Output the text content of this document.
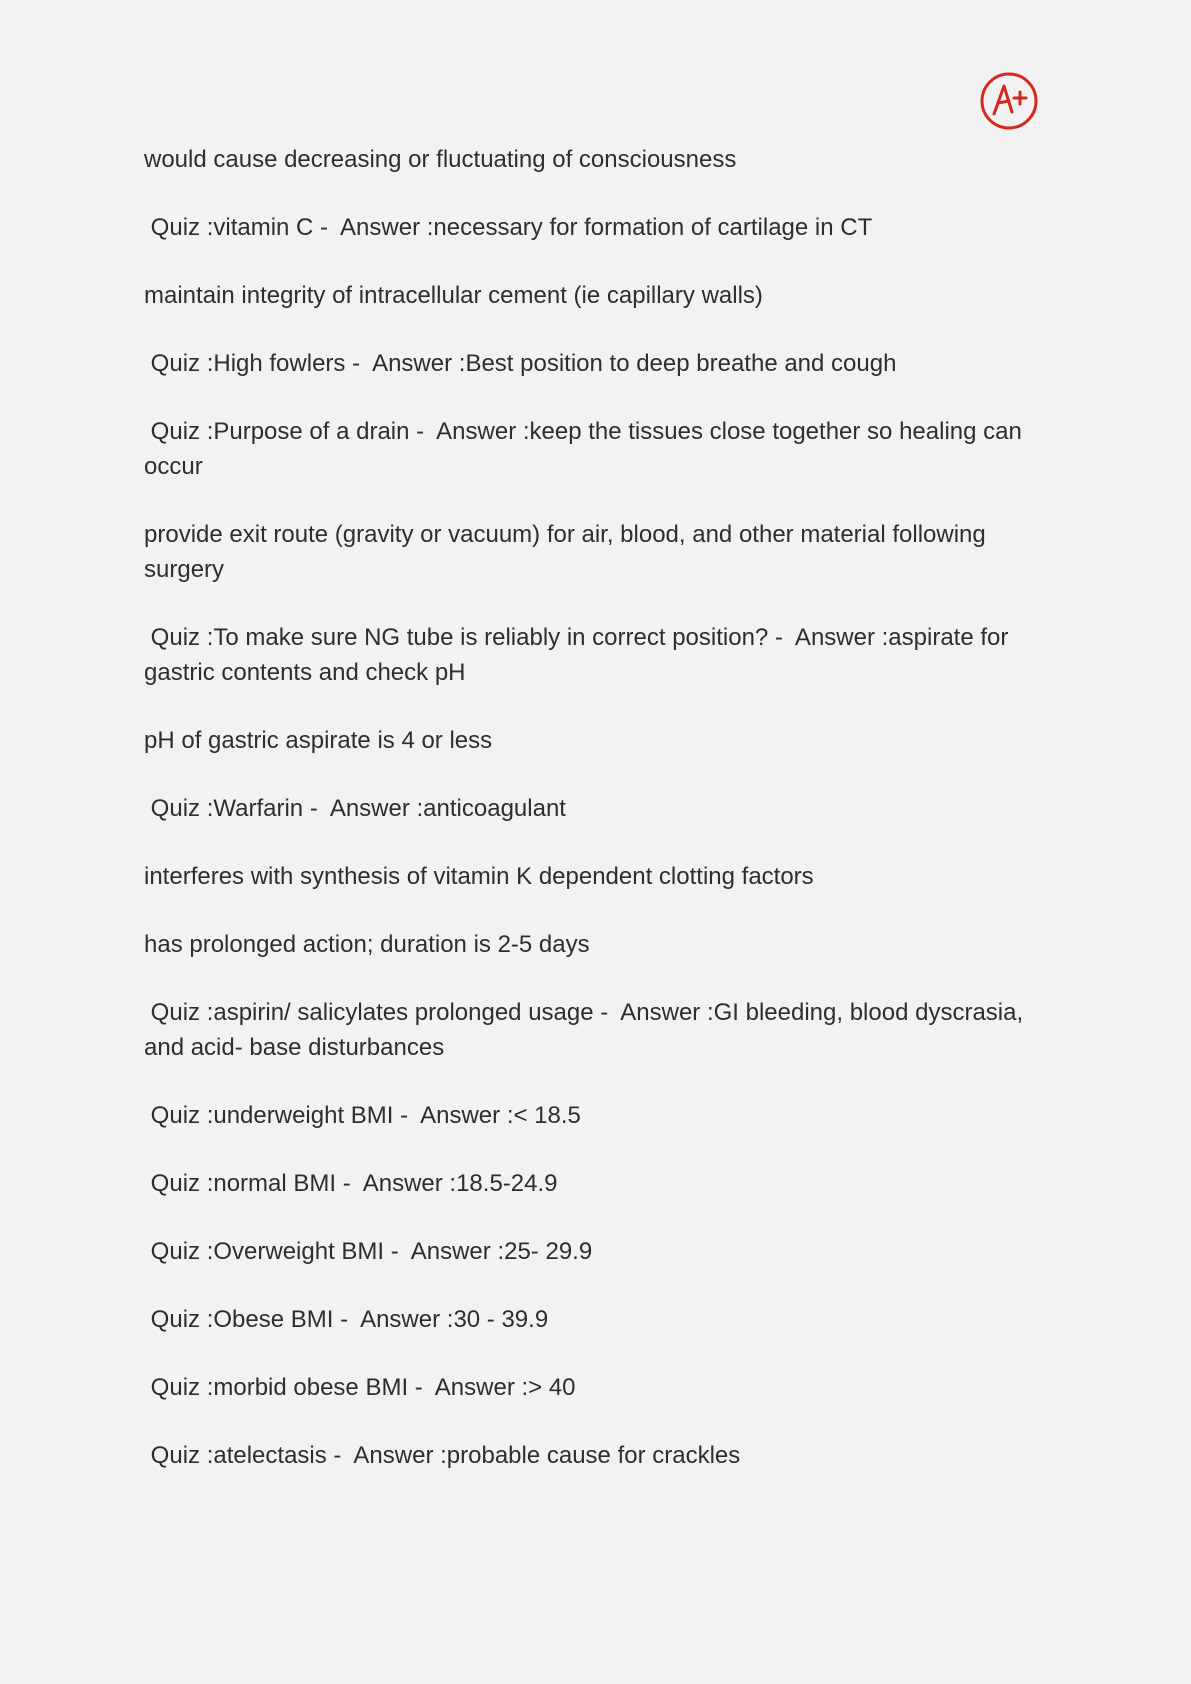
would cause decreasing or fluctuating of consciousness

Quiz :vitamin C -  Answer :necessary for formation of cartilage in CT

maintain integrity of intracellular cement (ie capillary walls)

Quiz :High fowlers -  Answer :Best position to deep breathe and cough

Quiz :Purpose of a drain -  Answer :keep the tissues close together so healing can occur

provide exit route (gravity or vacuum) for air, blood, and other material following surgery

Quiz :To make sure NG tube is reliably in correct position? -  Answer :aspirate for gastric contents and check pH

pH of gastric aspirate is 4 or less

Quiz :Warfarin -  Answer :anticoagulant

interferes with synthesis of vitamin K dependent clotting factors

has prolonged action; duration is 2-5 days

Quiz :aspirin/ salicylates prolonged usage -  Answer :GI bleeding, blood dyscrasia, and acid- base disturbances

Quiz :underweight BMI -  Answer :< 18.5

Quiz :normal BMI -  Answer :18.5-24.9

Quiz :Overweight BMI -  Answer :25- 29.9

Quiz :Obese BMI -  Answer :30 - 39.9

Quiz :morbid obese BMI -  Answer :> 40

Quiz :atelectasis -  Answer :probable cause for crackles
